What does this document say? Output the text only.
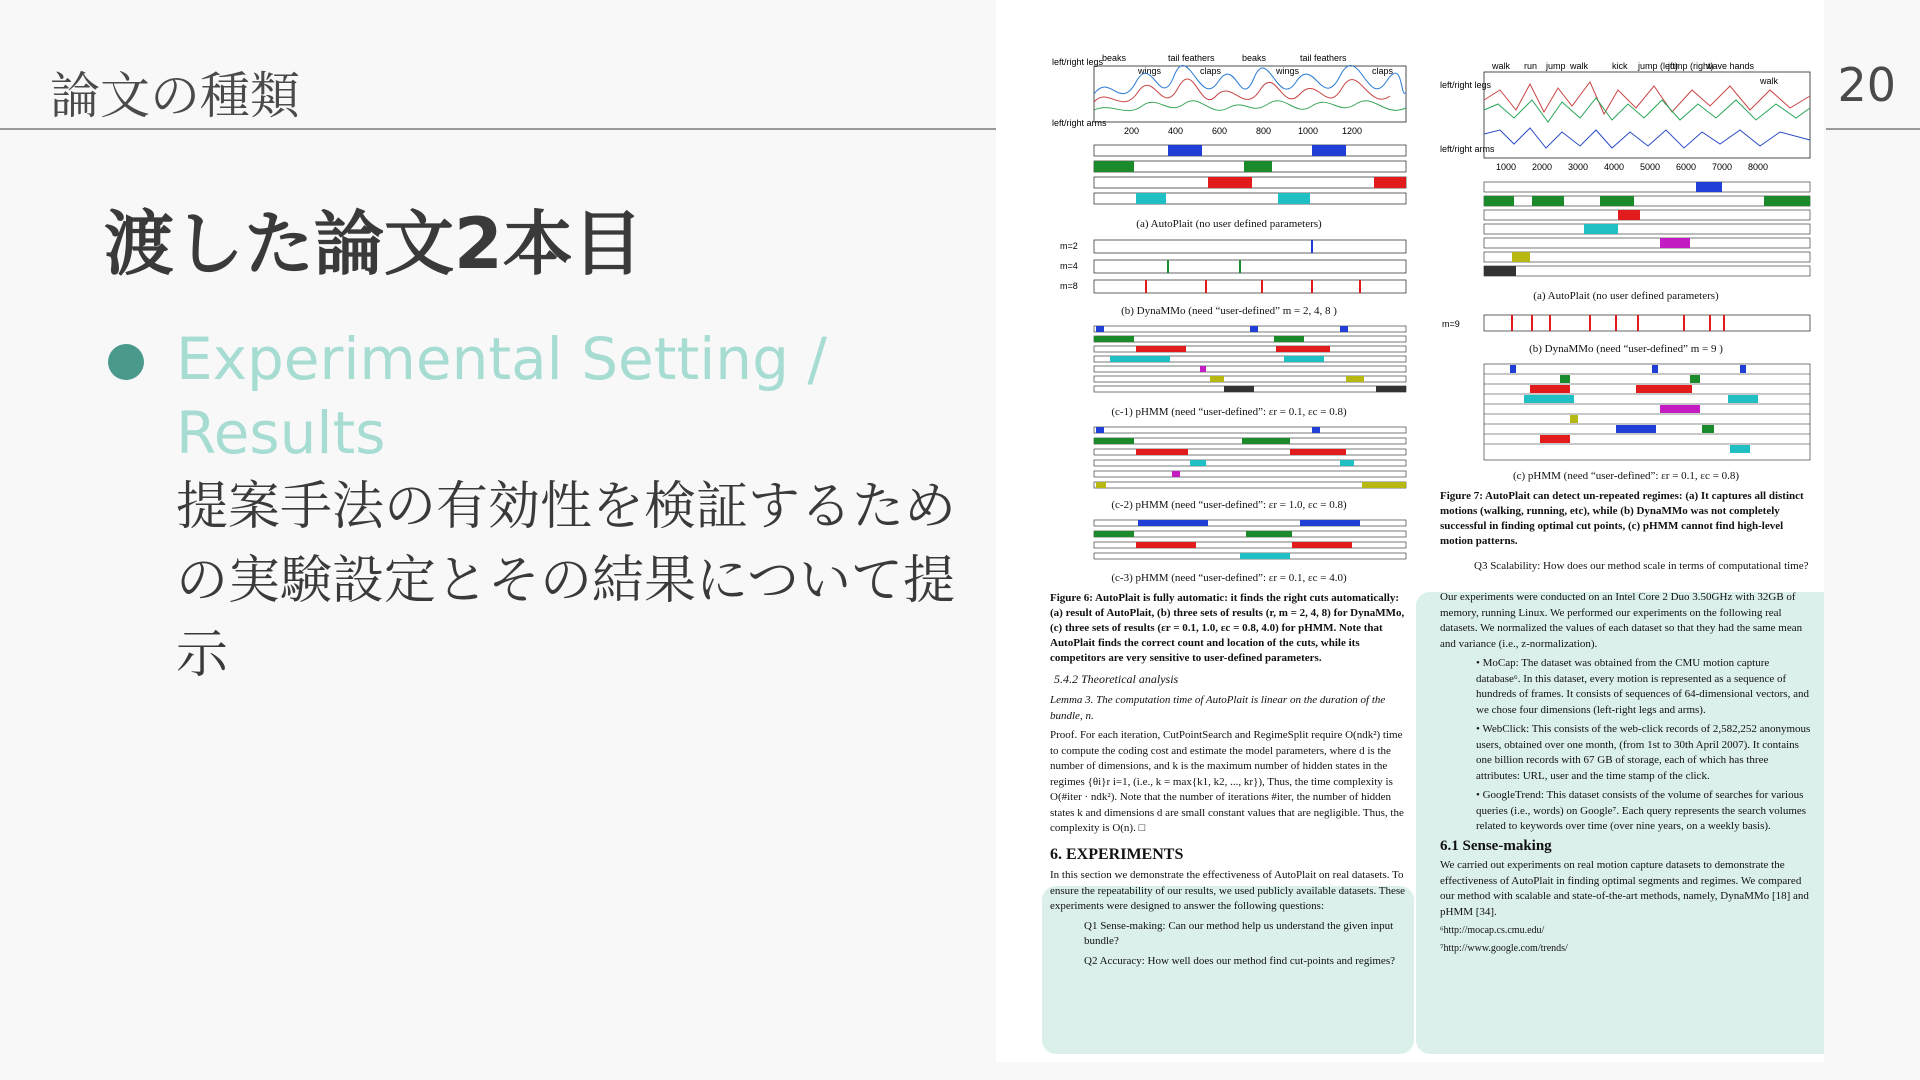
論文の種類	20
渡した論文2本目
Experimental Setting / Results
提案手法の有効性を検証するための実験設定とその結果について提示
left/right legs
left/right arms
beaks
wings
tail feathers
claps
beaks
wings
tail feathers
claps
200	400	600	800	1000	1200

(a) AutoPlait (no user defined parameters)
m=2
m=4
m=8
(b) DynaMMo (need “user-defined” m = 2, 4, 8 )
(c-1) pHMM (need “user-defined”: εr = 0.1, εc = 0.8)
(c-2) pHMM (need “user-defined”: εr = 1.0, εc = 0.8)
(c-3) pHMM (need “user-defined”: εr = 0.1, εc = 4.0)

Figure 6: AutoPlait is fully automatic: it finds the right cuts automatically: (a) result of AutoPlait, (b) three sets of results (r, m = 2, 4, 8) for DynaMMo, (c) three sets of results (εr = 0.1, 1.0, εc = 0.8, 4.0) for pHMM. Note that AutoPlait finds the correct count and location of the cuts, while its competitors are very sensitive to user-defined parameters.

5.4.2 Theoretical analysis

Lemma 3. The computation time of AutoPlait is linear on the duration of the bundle, n.

Proof. For each iteration, CutPointSearch and RegimeSplit require O(ndk²) time to compute the coding cost and estimate the model parameters, where d is the number of dimensions, and k is the maximum number of hidden states in the regimes {θi}r i=1, (i.e., k = max{k1, k2, ..., kr}), Thus, the time complexity is O(#iter · ndk²). Note that the number of iterations #iter, the number of hidden states k and dimensions d are small constant values that are negligible. Thus, the complexity is O(n). □

6. EXPERIMENTS

In this section we demonstrate the effectiveness of AutoPlait on real datasets. To ensure the repeatability of our results, we used publicly available datasets. These experiments were designed to answer the following questions:

Q1 Sense-making: Can our method help us understand the given input bundle?

Q2 Accuracy: How well does our method find cut-points and regimes?

walk run jump walk	kick jump (left)
jump (right)
wave hands
walk
left/right legs
left/right arms
1000 2000 3000 4000 5000 6000 7000 8000

(a) AutoPlait (no user defined parameters)
m=9
(b) DynaMMo (need “user-defined” m = 9 )
(c) pHMM (need “user-defined”: εr = 0.1, εc = 0.8)

Figure 7: AutoPlait can detect un-repeated regimes: (a) It captures all distinct motions (walking, running, etc), while (b) DynaMMo was not completely successful in finding optimal cut points, (c) pHMM cannot find high-level motion patterns.

Q3 Scalability: How does our method scale in terms of computational time?

Our experiments were conducted on an Intel Core 2 Duo 3.50GHz with 32GB of memory, running Linux. We performed our experiments on the following real datasets. We normalized the values of each dataset so that they had the same mean and variance (i.e., z-normalization).

• MoCap: The dataset was obtained from the CMU motion capture database⁶. In this dataset, every motion is represented as a sequence of hundreds of frames. It consists of sequences of 64-dimensional vectors, and we chose four dimensions (left-right legs and arms).

• WebClick: This consists of the web-click records of 2,582,252 anonymous users, obtained over one month, (from 1st to 30th April 2007). It contains one billion records with 67 GB of storage, each of which has three attributes: URL, user and the time stamp of the click.

• GoogleTrend: This dataset consists of the volume of searches for various queries (i.e., words) on Google⁷. Each query represents the search volumes related to keywords over time (over nine years, on a weekly basis).

6.1 Sense-making

We carried out experiments on real motion capture datasets to demonstrate the effectiveness of AutoPlait in finding optimal segments and regimes. We compared our method with scalable and state-of-the-art methods, namely, DynaMMo [18] and pHMM [34].

⁶http://mocap.cs.cmu.edu/

⁷http://www.google.com/trends/
